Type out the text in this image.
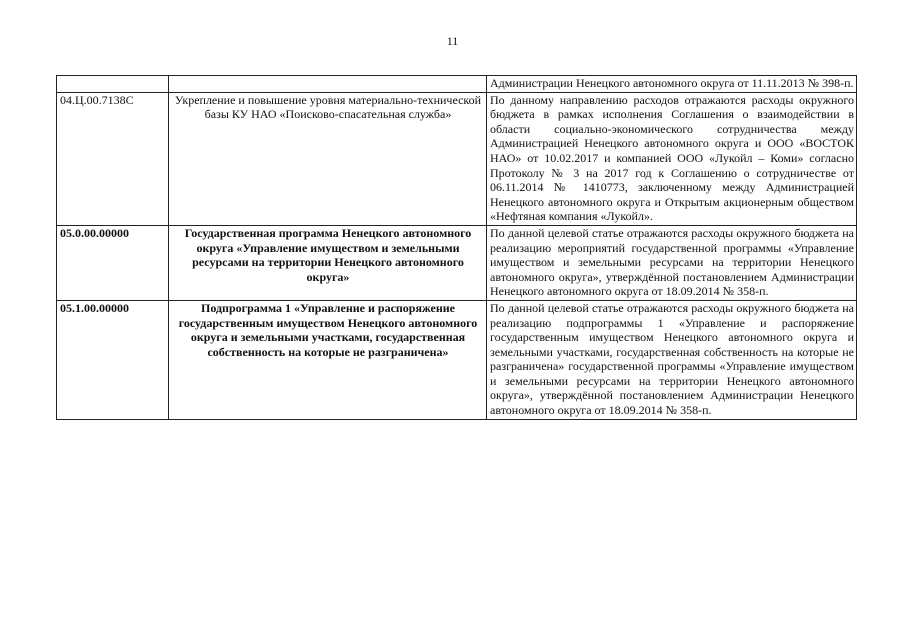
11
		Администрации Ненецкого автономного округа от 11.11.2013 № 398-п.
04.Ц.00.7138С	Укрепление и повышение уровня материально-технической базы КУ НАО «Поисково-спасательная служба»	По данному направлению расходов отражаются расходы окружного бюджета в рамках исполнения Соглашения о взаимодействии в области социально-экономического сотрудничества между Администрацией Ненецкого автономного округа и ООО «ВОСТОК НАО» от 10.02.2017 и компанией ООО «Лукойл – Коми» согласно Протоколу № 3 на 2017 год к Соглашению о сотрудничестве от 06.11.2014 № 1410773, заключенному между Администрацией Ненецкого автономного округа и Открытым акционерным обществом «Нефтяная компания «Лукойл».
05.0.00.00000	Государственная программа Ненецкого автономного округа «Управление имуществом и земельными ресурсами на территории Ненецкого автономного округа»	По данной целевой статье отражаются расходы окружного бюджета на реализацию мероприятий государственной программы «Управление имуществом и земельными ресурсами на территории Ненецкого автономного округа», утверждённой постановлением Администрации Ненецкого автономного округа от 18.09.2014 № 358-п.
05.1.00.00000	Подпрограмма 1 «Управление и распоряжение государственным имуществом Ненецкого автономного округа и земельными участками, государственная собственность на которые не разграничена»	По данной целевой статье отражаются расходы окружного бюджета на реализацию подпрограммы 1 «Управление и распоряжение государственным имуществом Ненецкого автономного округа и земельными участками, государственная собственность на которые не разграничена» государственной программы «Управление имуществом и земельными ресурсами на территории Ненецкого автономного округа», утверждённой постановлением Администрации Ненецкого автономного округа от 18.09.2014 № 358-п.
